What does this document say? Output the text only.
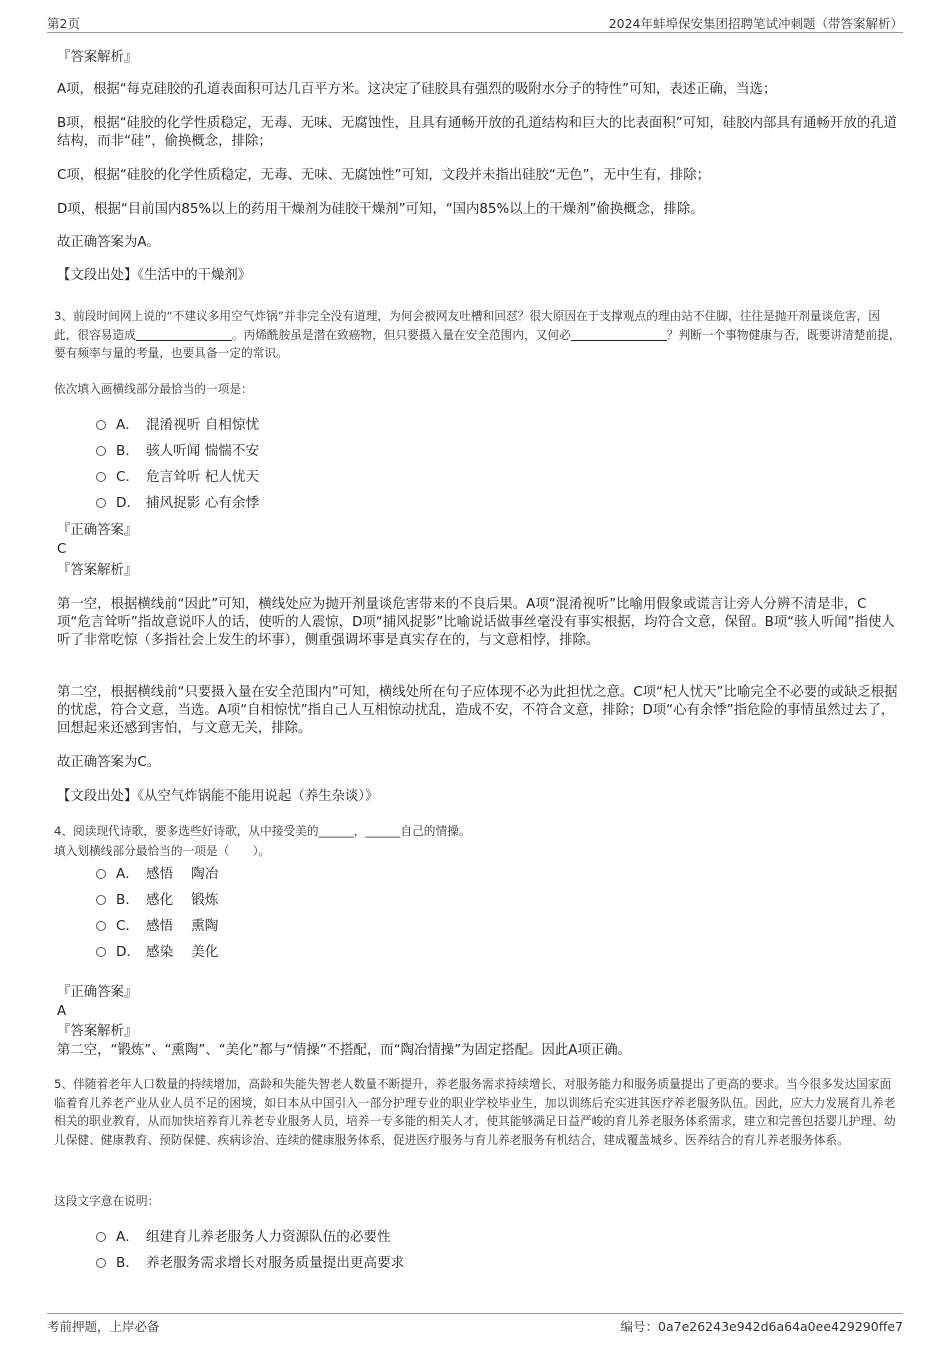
第2页	2024年蚌埠保安集团招聘笔试冲刺题（带答案解析）
『答案解析』
A项，根据“每克硅胶的孔道表面积可达几百平方米。这决定了硅胶具有强烈的吸附水分子的特性”可知，表述正确，当选；
B项，根据“硅胶的化学性质稳定，无毒、无味、无腐蚀性，且具有通畅开放的孔道结构和巨大的比表面积”可知，硅胶内部具有通畅开放的孔道结构，而非“硅”，偷换概念，排除；
C项，根据“硅胶的化学性质稳定，无毒、无味、无腐蚀性”可知，文段并未指出硅胶“无色”，无中生有，排除；
D项，根据“目前国内85%以上的药用干燥剂为硅胶干燥剂”可知，“国内85%以上的干燥剂”偷换概念，排除。
故正确答案为A。
【文段出处】《生活中的干燥剂》
3、前段时间网上说的“不建议多用空气炸锅”并非完全没有道理，为何会被网友吐槽和回怼？很大原因在于支撑观点的理由站不住脚，往往是抛开剂量谈危害，因此，很容易造成	。丙烯酰胺虽是潜在致癌物，但只要摄入量在安全范围内，又何必	？判断一个事物健康与否，既要讲清楚前提，要有频率与量的考量，也要具备一定的常识。
依次填入画横线部分最恰当的一项是：
A． 混淆视听 自相惊忧
B． 骇人听闻 惴惴不安
C． 危言耸听 杞人忧天
D． 捕风捉影 心有余悸
『正确答案』
C
『答案解析』
第一空，根据横线前“因此”可知，横线处应为抛开剂量谈危害带来的不良后果。A项“混淆视听”比喻用假象或谎言让旁人分辨不清是非，C项“危言耸听”指故意说吓人的话，使听的人震惊，D项“捕风捉影”比喻说话做事丝毫没有事实根据，均符合文意，保留。B项“骇人听闻”指使人听了非常吃惊（多指社会上发生的坏事），侧重强调坏事是真实存在的，与文意相悖，排除。
第二空，根据横线前“只要摄入量在安全范围内”可知，横线处所在句子应体现不必为此担忧之意。C项“杞人忧天”比喻完全不必要的或缺乏根据的忧虑，符合文意，当选。A项“自相惊忧”指自己人互相惊动扰乱，造成不安，不符合文意，排除；D项“心有余悸”指危险的事情虽然过去了，回想起来还感到害怕，与文意无关，排除。
故正确答案为C。
【文段出处】《从空气炸锅能不能用说起（养生杂谈）》
4、阅读现代诗歌，要多选些好诗歌，从中接受美的______，______自己的情操。
填入划横线部分最恰当的一项是（　　）。
A． 感悟　 陶冶
B． 感化　 锻炼
C． 感悟　 熏陶
D． 感染　 美化
『正确答案』
A
『答案解析』
第二空，“锻炼”、“熏陶”、“美化”都与“情操”不搭配，而“陶冶情操”为固定搭配。因此A项正确。
5、伴随着老年人口数量的持续增加，高龄和失能失智老人数量不断提升，养老服务需求持续增长，对服务能力和服务质量提出了更高的要求。当今很多发达国家面临着育儿养老产业从业人员不足的困境，如日本从中国引入一部分护理专业的职业学校毕业生，加以训练后充实进其医疗养老服务队伍。因此，应大力发展育儿养老相关的职业教育，从而加快培养育儿养老专业服务人员，培养一专多能的相关人才，使其能够满足日益严峻的育儿养老服务体系需求，建立和完善包括婴儿护理、幼儿保健、健康教育、预防保健、疾病诊治、连续的健康服务体系，促进医疗服务与育儿养老服务有机结合，建成覆盖城乡、医养结合的育儿养老服务体系。
这段文字意在说明：
A． 组建育儿养老服务人力资源队伍的必要性
B． 养老服务需求增长对服务质量提出更高要求
考前押题，上岸必备	编号：0a7e26243e942d6a64a0ee429290ffe7
